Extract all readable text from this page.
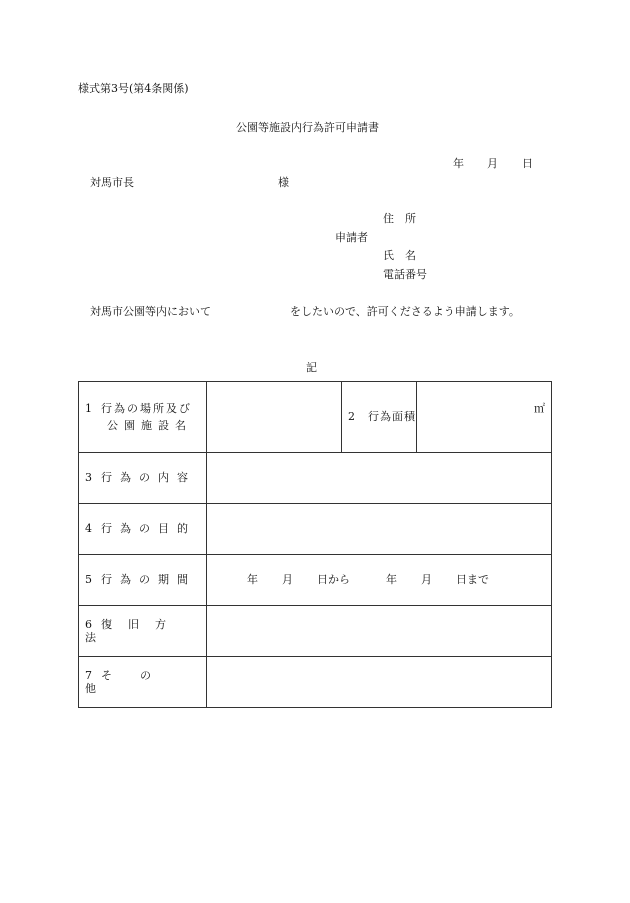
様式第3号(第4条関係)
公園等施設内行為許可申請書
年 月 日
対馬市長	様
住　所
申請者
氏　名
電話番号
対馬市公園等内において	をしたいので、許可くださるよう申請します。
記
1 行為の場所及び
公園施設名		2　行為面積	㎡
3 行為の内容			
4 行為の目的			
5 行為の期間	年 月 日から 年 月 日まで		
6 復旧方法			
7 その他			
